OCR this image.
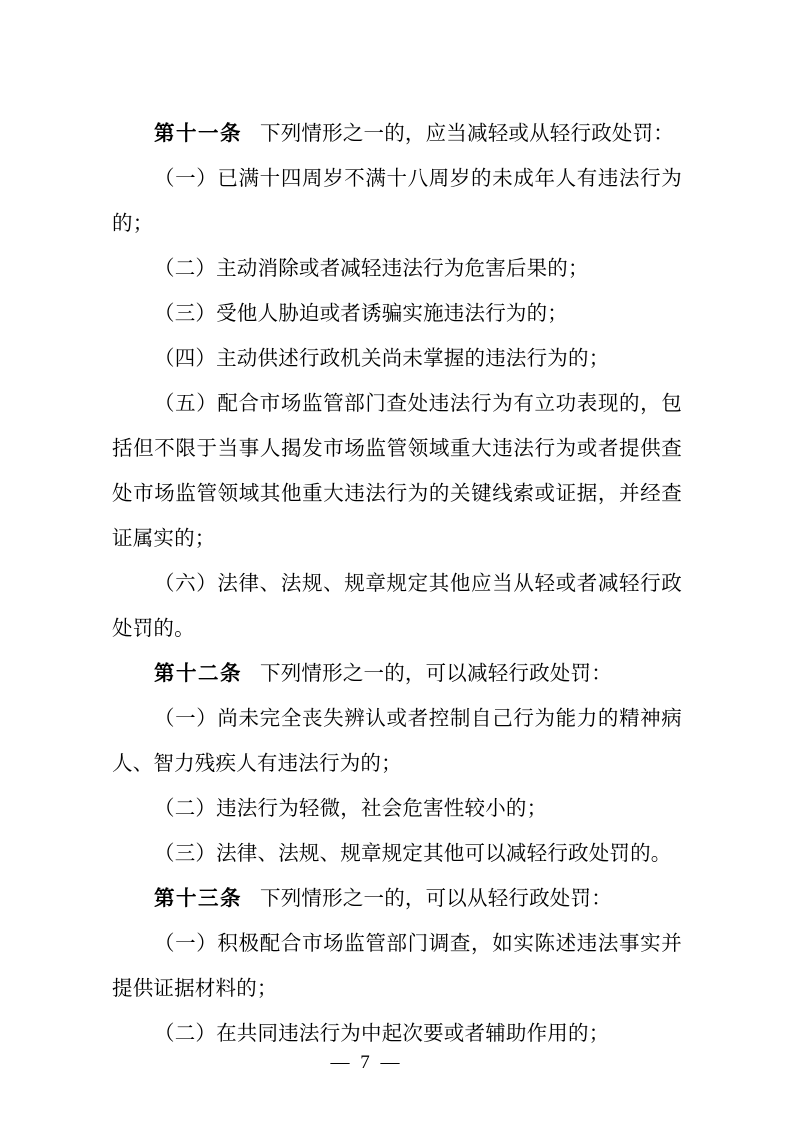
第十一条 下列情形之一的，应当减轻或从轻行政处罚：
（一）已满十四周岁不满十八周岁的未成年人有违法行为的；
（二）主动消除或者减轻违法行为危害后果的；
（三）受他人胁迫或者诱骗实施违法行为的；
（四）主动供述行政机关尚未掌握的违法行为的；
（五）配合市场监管部门查处违法行为有立功表现的，包括但不限于当事人揭发市场监管领域重大违法行为或者提供查处市场监管领域其他重大违法行为的关键线索或证据，并经查证属实的；
（六）法律、法规、规章规定其他应当从轻或者减轻行政处罚的。
第十二条 下列情形之一的，可以减轻行政处罚：
（一）尚未完全丧失辨认或者控制自己行为能力的精神病人、智力残疾人有违法行为的；
（二）违法行为轻微，社会危害性较小的；
（三）法律、法规、规章规定其他可以减轻行政处罚的。
第十三条 下列情形之一的，可以从轻行政处罚：
（一）积极配合市场监管部门调查，如实陈述违法事实并提供证据材料的；
（二）在共同违法行为中起次要或者辅助作用的；
— 7 —
